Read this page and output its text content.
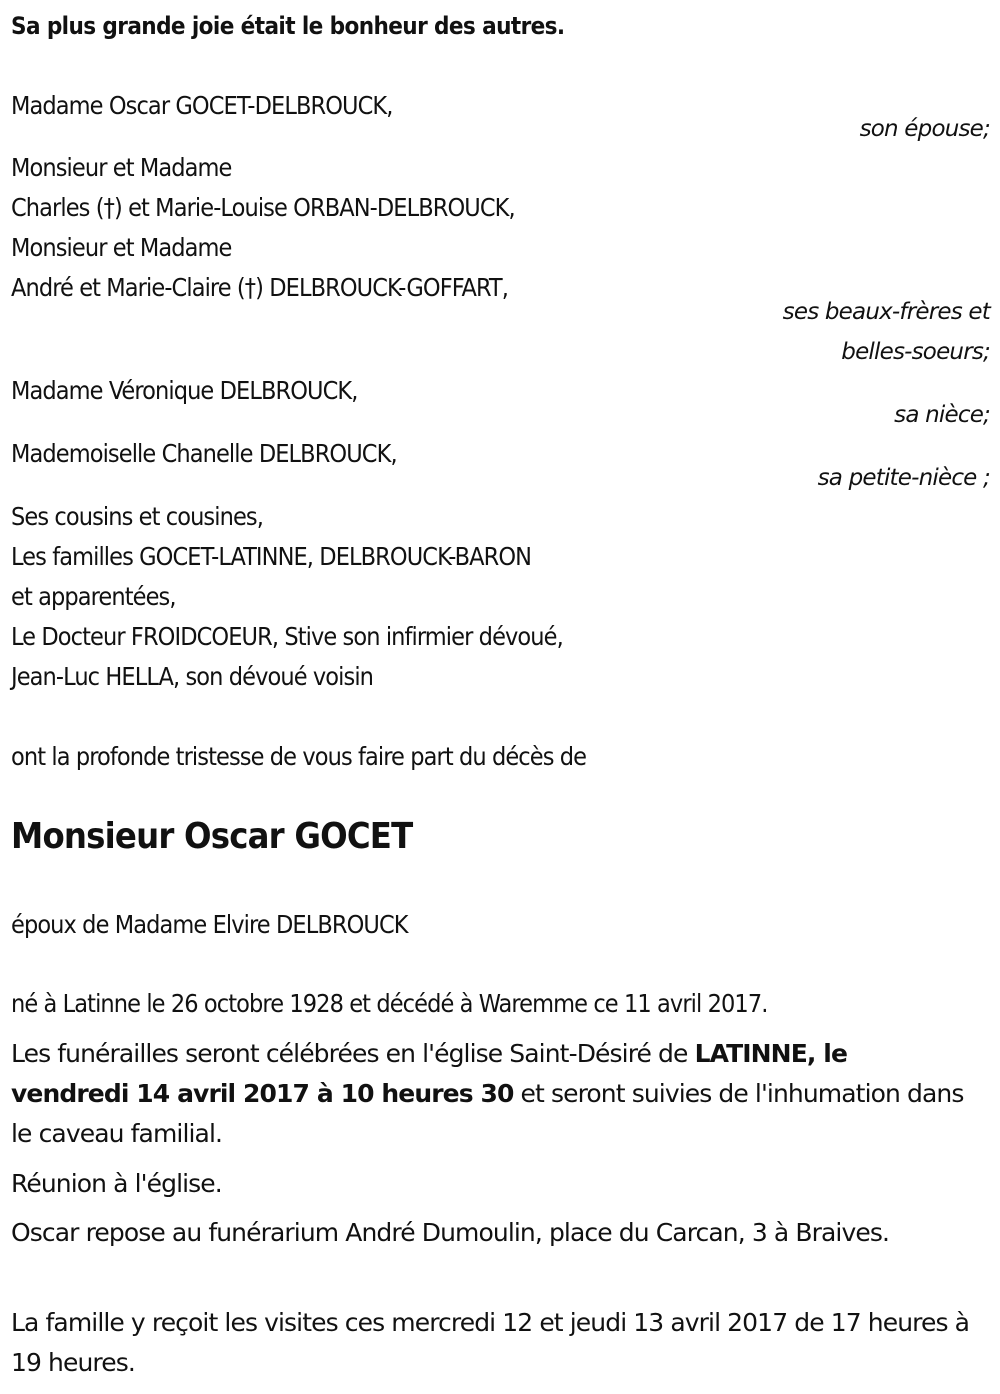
Sa plus grande joie était le bonheur des autres.
Madame Oscar GOCET-DELBROUCK,
son épouse;
Monsieur et Madame
Charles (†) et Marie-Louise ORBAN-DELBROUCK,
Monsieur et Madame
André et Marie-Claire (†) DELBROUCK-GOFFART,
ses beaux-frères et
belles-soeurs;
Madame Véronique DELBROUCK,
sa nièce;
Mademoiselle Chanelle DELBROUCK,
sa petite-nièce ;
Ses cousins et cousines,
Les familles GOCET-LATINNE, DELBROUCK-BARON
et apparentées,
Le Docteur FROIDCOEUR, Stive son infirmier dévoué,
Jean-Luc HELLA, son dévoué voisin
ont la profonde tristesse de vous faire part du décès de
Monsieur Oscar GOCET
époux de Madame Elvire DELBROUCK
né à Latinne le 26 octobre 1928 et décédé à Waremme ce 11 avril 2017.
Les funérailles seront célébrées en l'église Saint-Désiré de LATINNE, le vendredi 14 avril 2017 à 10 heures 30 et seront suivies de l'inhumation dans le caveau familial.
Réunion à l'église.
Oscar repose au funérarium André Dumoulin, place du Carcan, 3 à Braives.
La famille y reçoit les visites ces mercredi 12 et jeudi 13 avril 2017 de 17 heures à 19 heures.
